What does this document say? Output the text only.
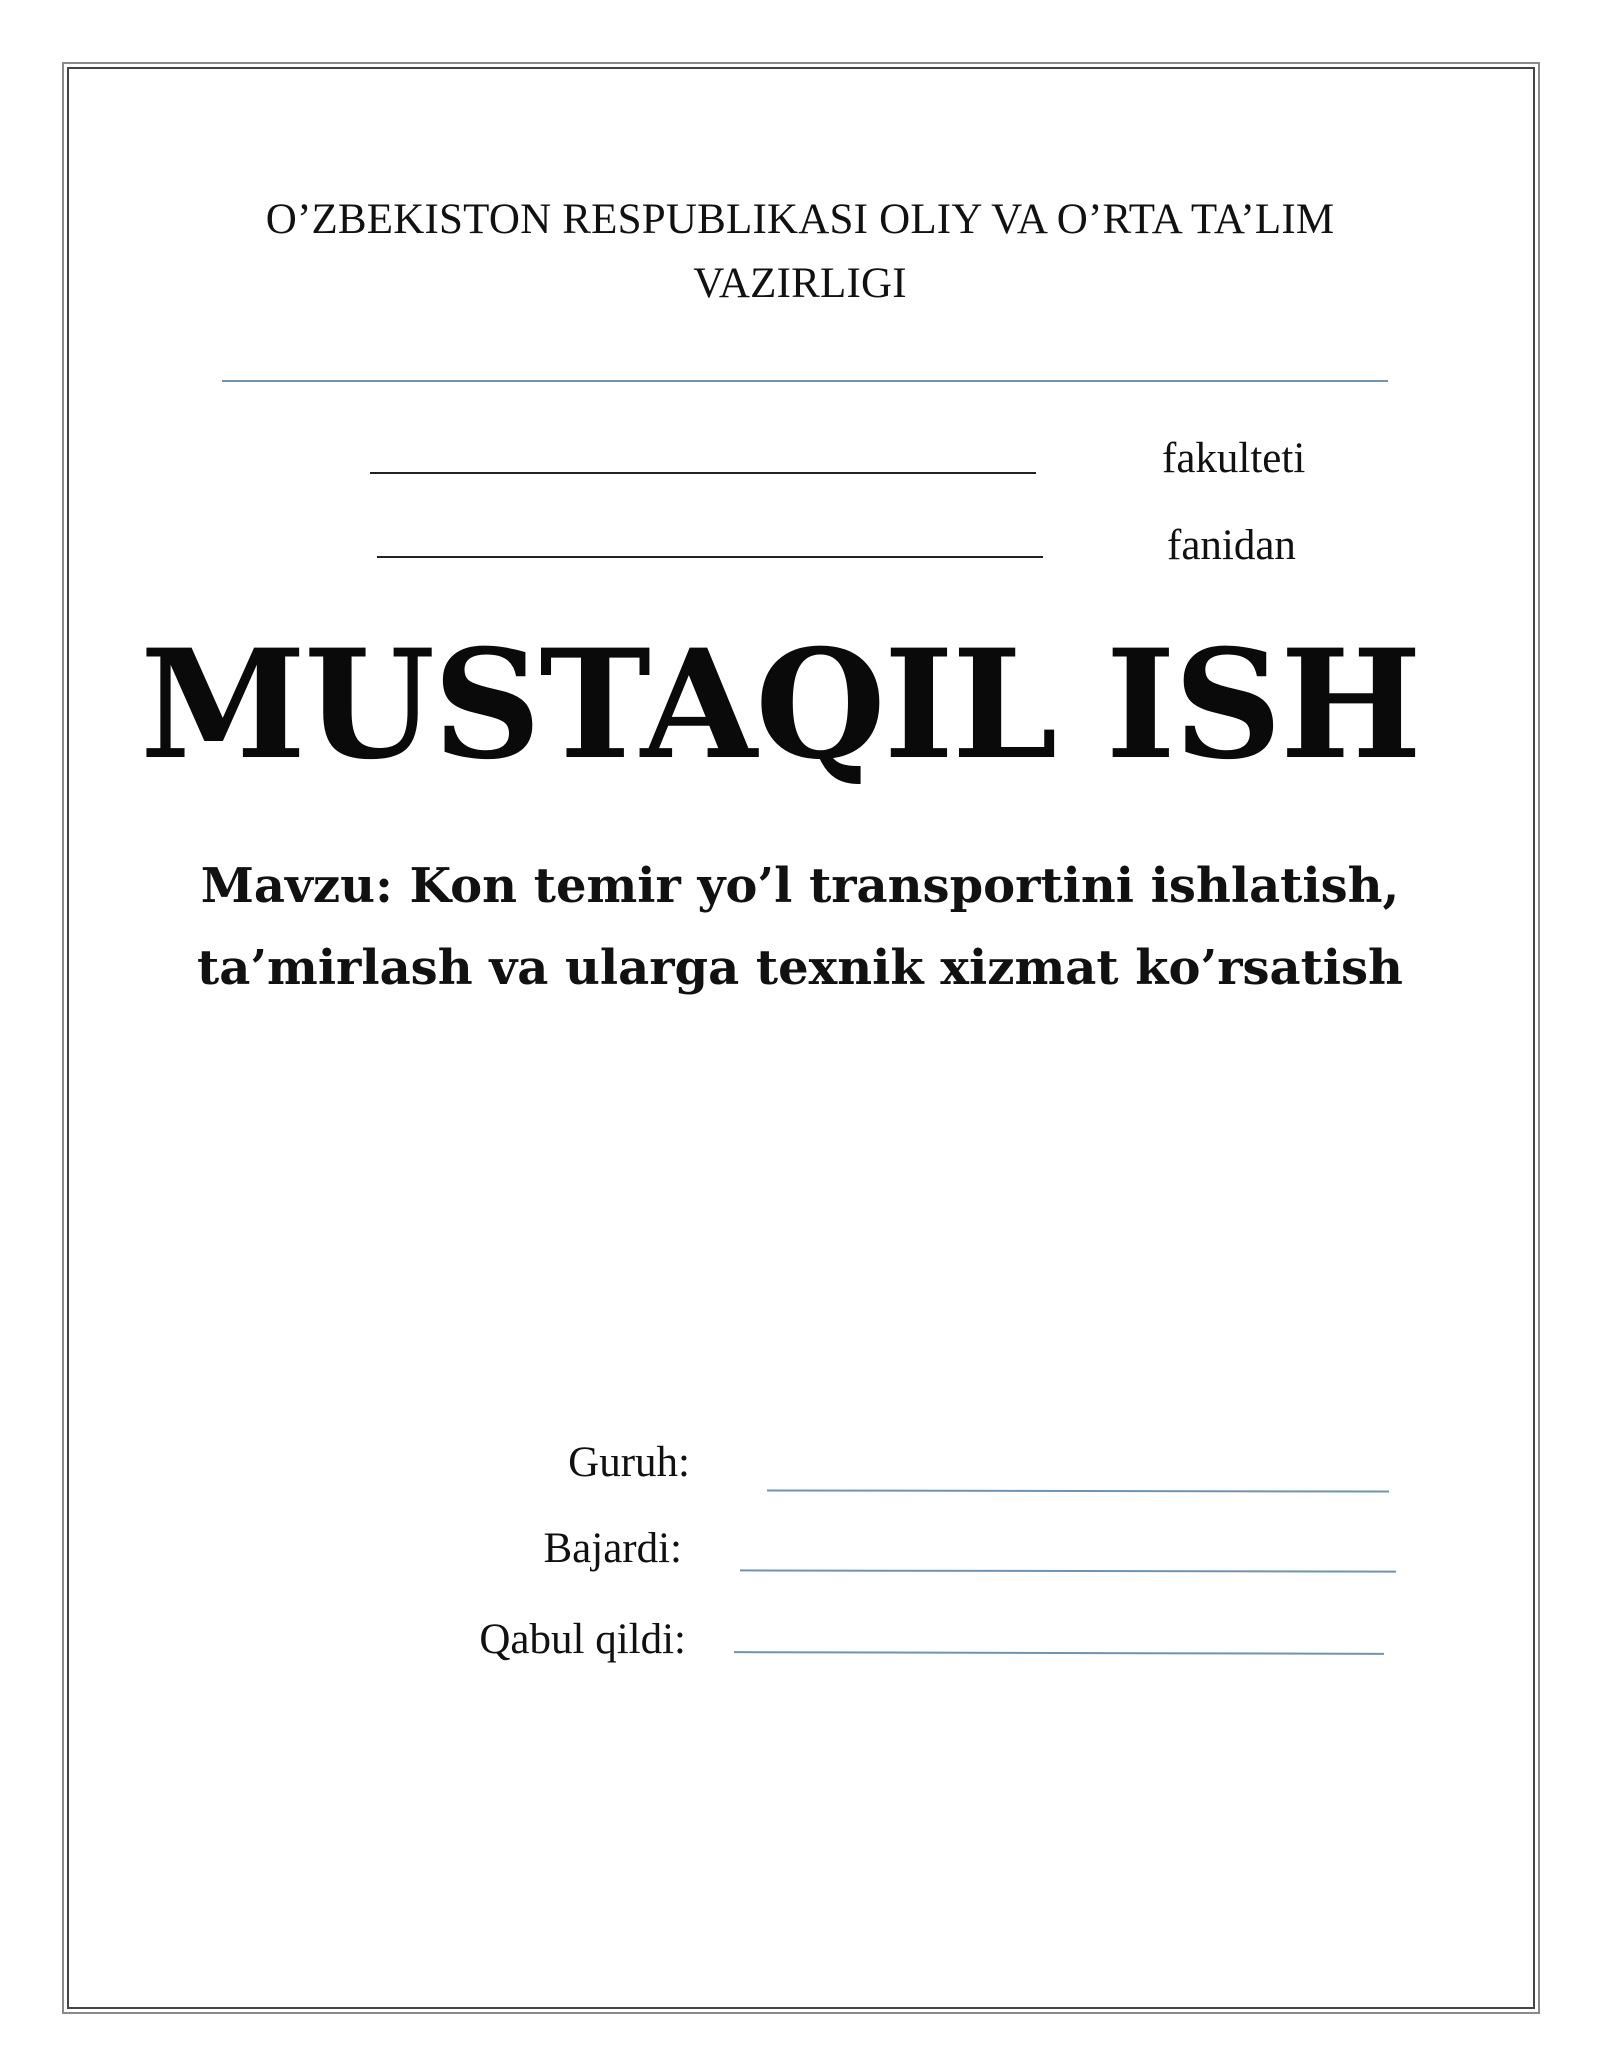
O’ZBEKISTON RESPUBLIKASI OLIY VA O’RTA TA’LIM
VAZIRLIGI
fakulteti
fanidan
MUSTAQIL ISH
Mavzu: Kon temir yo’l transportini ishlatish,
ta’mirlash va ularga texnik xizmat ko’rsatish
Guruh:
Bajardi:
Qabul qildi:
